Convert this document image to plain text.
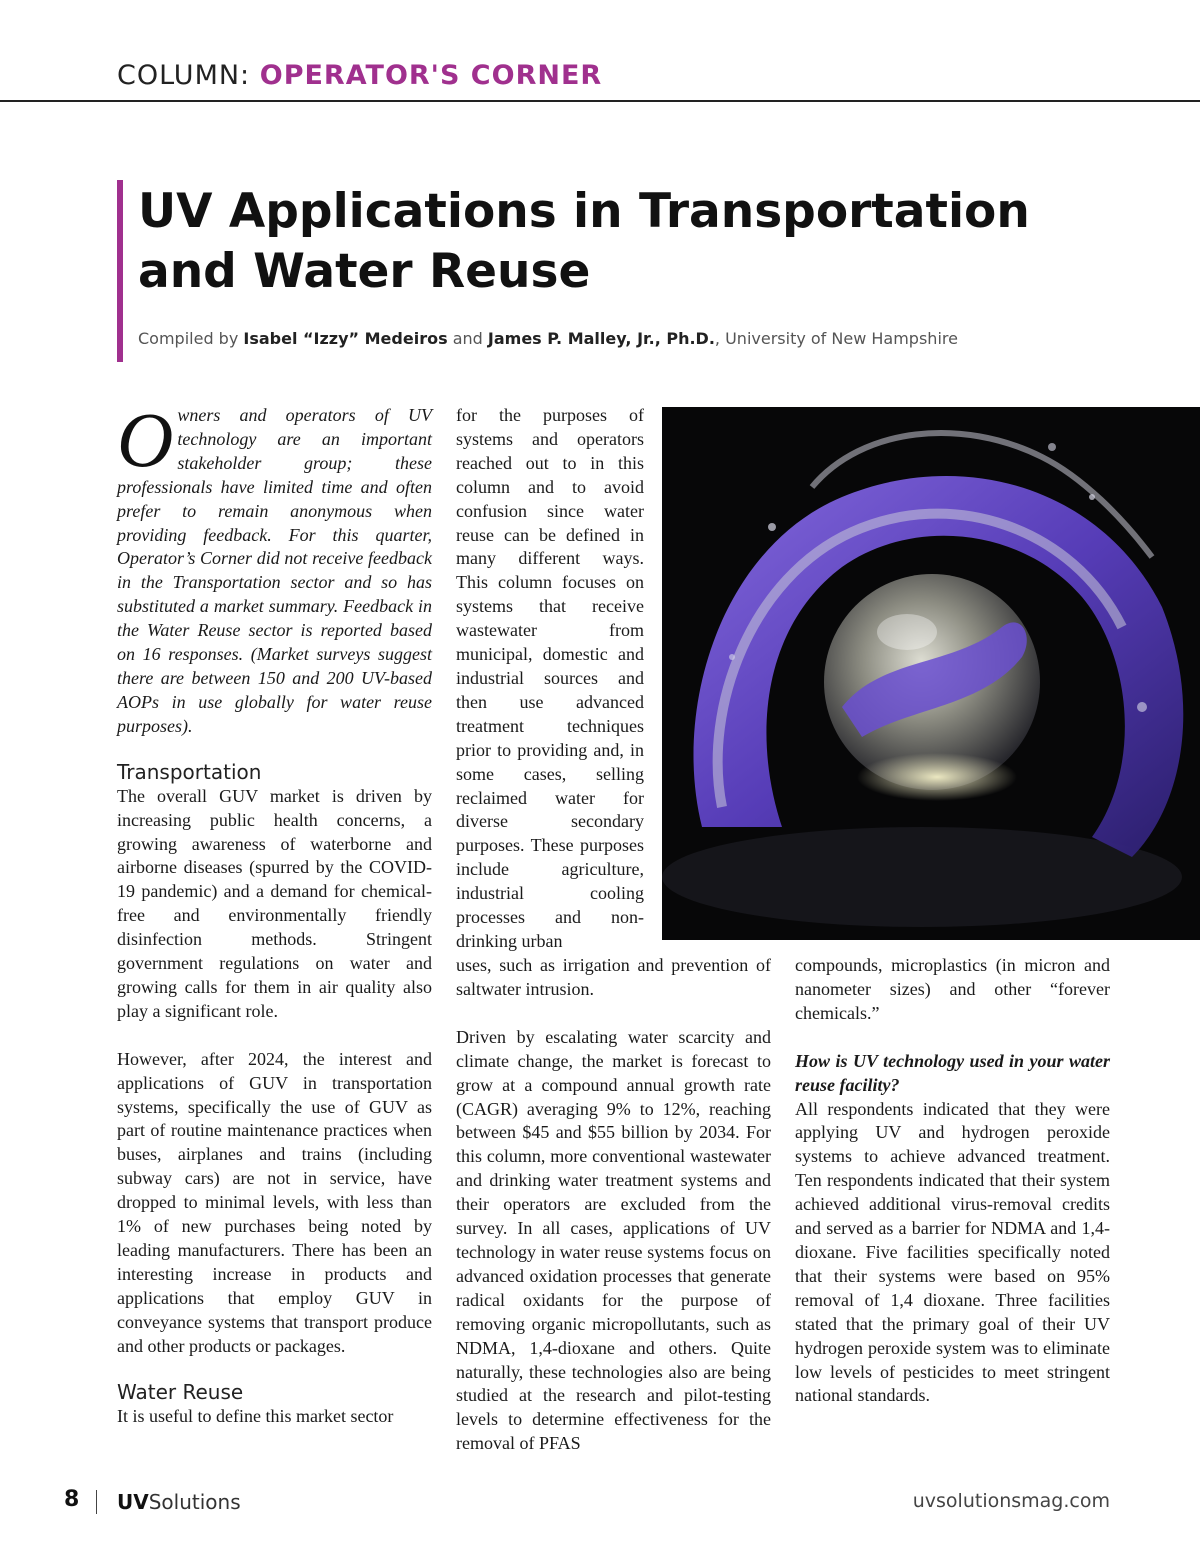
COLUMN: OPERATOR'S CORNER
UV Applications in Transportation and Water Reuse
Compiled by Isabel “Izzy” Medeiros and James P. Malley, Jr., Ph.D., University of New Hampshire

Owners and operators of UV technology are an important stakeholder group; these professionals have limited time and often prefer to remain anonymous when providing feedback. For this quarter, Operator’s Corner did not receive feedback in the Transportation sector and so has substituted a market summary. Feedback in the Water Reuse sector is reported based on 16 responses. (Market surveys suggest there are between 150 and 200 UV-based AOPs in use globally for water reuse purposes).

Transportation

The overall GUV market is driven by increasing public health concerns, a growing awareness of waterborne and airborne diseases (spurred by the COVID-19 pandemic) and a demand for chemical-free and environmentally friendly disinfection methods. Stringent government regulations on water and growing calls for them in air quality also play a significant role.

However, after 2024, the interest and applications of GUV in transportation systems, specifically the use of GUV as part of routine maintenance practices when buses, airplanes and trains (including subway cars) are not in service, have dropped to minimal levels, with less than 1% of new purchases being noted by leading manufacturers. There has been an interesting increase in products and applications that employ GUV in conveyance systems that transport produce and other products or packages.

Water Reuse

It is useful to define this market sector

for the purposes of systems and operators reached out to in this column and to avoid confusion since water reuse can be defined in many different ways. This column focuses on systems that receive wastewater from municipal, domestic and industrial sources and then use advanced treatment techniques prior to providing and, in some cases, selling reclaimed water for diverse secondary purposes. These purposes include agriculture, industrial cooling processes and non-drinking urban

uses, such as irrigation and prevention of saltwater intrusion.

Driven by escalating water scarcity and climate change, the market is forecast to grow at a compound annual growth rate (CAGR) averaging 9% to 12%, reaching between $45 and $55 billion by 2034. For this column, more conventional wastewater and drinking water treatment systems and their operators are excluded from the survey. In all cases, applications of UV technology in water reuse systems focus on advanced oxidation processes that generate radical oxidants for the purpose of removing organic micropollutants, such as NDMA, 1,4-dioxane and others. Quite naturally, these technologies also are being studied at the research and pilot-testing levels to determine effectiveness for the removal of PFAS

compounds, microplastics (in micron and nanometer sizes) and other “forever chemicals.”

How is UV technology used in your water reuse facility?

All respondents indicated that they were applying UV and hydrogen peroxide systems to achieve advanced treatment. Ten respondents indicated that their system achieved additional virus-removal credits and served as a barrier for NDMA and 1,4-dioxane. Five facilities specifically noted that their systems were based on 95% removal of 1,4 dioxane. Three facilities stated that the primary goal of their UV hydrogen peroxide system was to eliminate low levels of pesticides to meet stringent national standards.

8 UVSolutions	uvsolutionsmag.com
